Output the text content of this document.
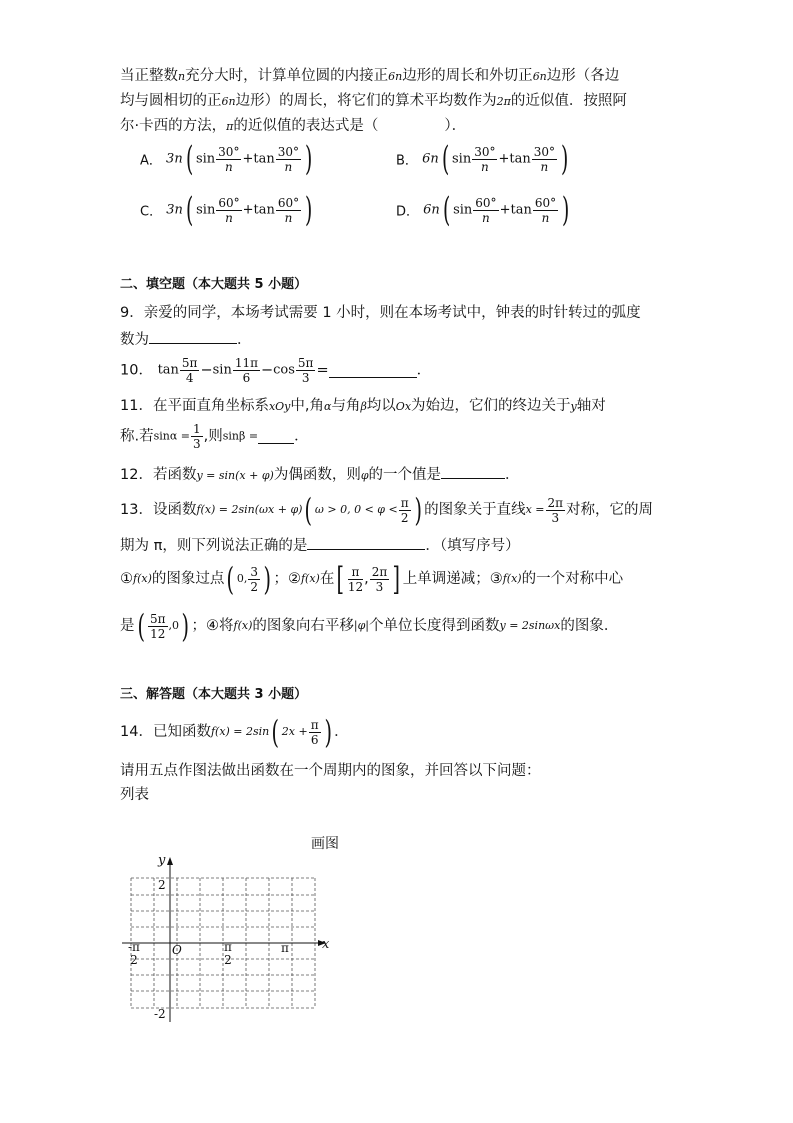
当正整数n充分大时，计算单位圆的内接正6n边形的周长和外切正6n边形（各边
均与圆相切的正6n边形）的周长，将它们的算术平均数作为2π的近似值．按照阿
尔·卡西的方法，π的近似值的表达式是（	）．
A． 3n( $\sin \frac{30^\circ}{n} +\tan \frac{30^\circ}{n}$ )	B． 6n( $\sin \frac{30^\circ}{n} +\tan \frac{30^\circ}{n}$ )
C． 3n( $\sin \frac{60^\circ}{n} +\tan \frac{60^\circ}{n}$ )	D． 6n( $\sin \frac{60^\circ}{n} +\tan \frac{60^\circ}{n}$ )
二、填空题（本大题共 5 小题）
9．亲爱的同学，本场考试需要 1 小时，则在本场考试中，钟表的时针转过的弧度
数为	．
10． $\tan \frac{5\pi}{4} -\sin \frac{11\pi}{6} -\cos \frac{5\pi}{3}$ =	．
11．在平面直角坐标系xOy中,角α与角β均以Ox为始边，它们的终边关于y轴对
称.若$\sin\alpha = \frac{1}{3}$ ,则sinβ = ．
12．若函数y = sin(x + φ)为偶函数，则φ的一个值是	．
13．设函数f(x) = 2sin(ωx + φ)( ω > 0, $0 < \varphi < \frac{\pi}{2}$ ) 的图象关于直线$x = \frac{2\pi}{3}$ 对称，它的周
期为 π，则下列说法正确的是	．（填写序号）
①f(x)的图象过点( 0, $\frac{3}{2}$ ) ；②f(x)在[ $\frac{\pi}{12}$ , $\frac{2\pi}{3}$ ] 上单调递减；③f(x)的一个对称中心
是( $\frac{5\pi}{12} ,0$) ；④将f(x)的图象向右平移|φ|个单位长度得到函数y = 2sinωx的图象．
三、解答题（本大题共 3 小题）
14．已知函数f(x) = 2sin( $2x + \frac{\pi}{6}$ ) ．
请用五点作图法做出函数在一个周期内的图象，并回答以下问题：
列表
画图
y
x
O
2
-2
-π
2
π
2
π
